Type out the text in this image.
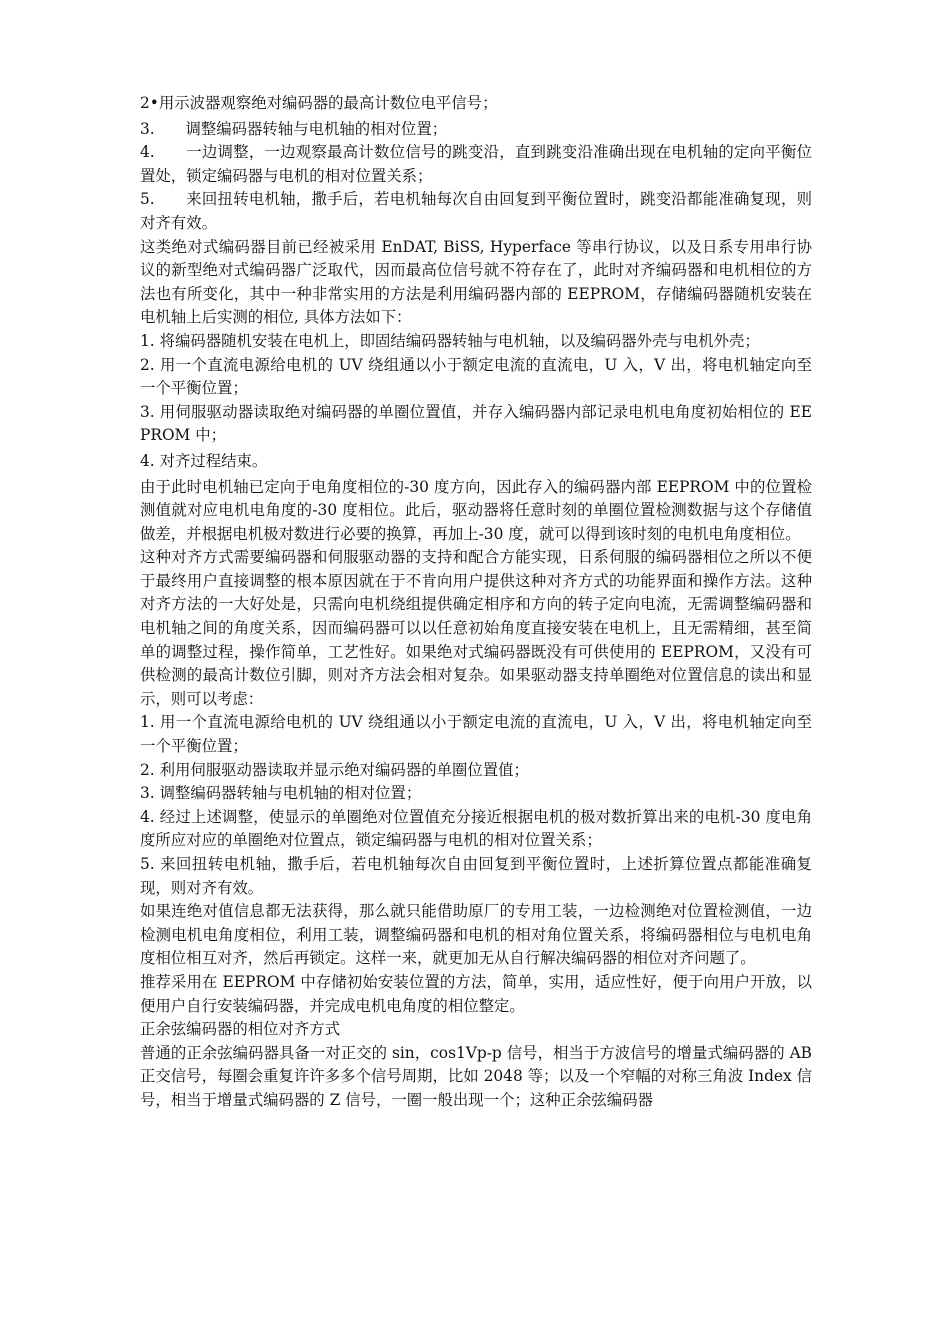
2•用示波器观察绝对编码器的最高计数位电平信号；

3.　　调整编码器转轴与电机轴的相对位置；

4.　　一边调整，一边观察最高计数位信号的跳变沿，直到跳变沿准确出现在电机轴的定向平衡位置处，锁定编码器与电机的相对位置关系；

5.　　来回扭转电机轴，撒手后，若电机轴每次自由回复到平衡位置时，跳变沿都能准确复现，则对齐有效。

这类绝对式编码器目前已经被采用 EnDAT, BiSS, Hyperface 等串行协议，以及日系专用串行协议的新型绝对式编码器广泛取代，因而最高位信号就不符存在了，此时对齐编码器和电机相位的方法也有所变化，其中一种非常实用的方法是利用编码器内部的 EEPROM，存储编码器随机安装在电机轴上后实测的相位, 具体方法如下：

1. 将编码器随机安装在电机上，即固结编码器转轴与电机轴，以及编码器外壳与电机外壳；

2. 用一个直流电源给电机的 UV 绕组通以小于额定电流的直流电，U 入，V 出，将电机轴定向至一个平衡位置；

3. 用伺服驱动器读取绝对编码器的单圈位置值，并存入编码器内部记录电机电角度初始相位的 EEPROM 中；

4. 对齐过程结束。

由于此时电机轴已定向于电角度相位的-30 度方向，因此存入的编码器内部 EEPROM 中的位置检测值就对应电机电角度的-30 度相位。此后，驱动器将任意时刻的单圈位置检测数据与这个存储值做差，并根据电机极对数进行必要的换算，再加上-30 度，就可以得到该时刻的电机电角度相位。

这种对齐方式需要编码器和伺服驱动器的支持和配合方能实现，日系伺服的编码器相位之所以不便于最终用户直接调整的根本原因就在于不肯向用户提供这种对齐方式的功能界面和操作方法。这种对齐方法的一大好处是，只需向电机绕组提供确定相序和方向的转子定向电流，无需调整编码器和电机轴之间的角度关系，因而编码器可以以任意初始角度直接安装在电机上，且无需精细，甚至简单的调整过程，操作简单，工艺性好。如果绝对式编码器既没有可供使用的 EEPROM，又没有可供检测的最高计数位引脚，则对齐方法会相对复杂。如果驱动器支持单圈绝对位置信息的读出和显示，则可以考虑：

1. 用一个直流电源给电机的 UV 绕组通以小于额定电流的直流电，U 入，V 出，将电机轴定向至一个平衡位置；

2. 利用伺服驱动器读取并显示绝对编码器的单圈位置值；

3. 调整编码器转轴与电机轴的相对位置；

4. 经过上述调整，使显示的单圈绝对位置值充分接近根据电机的极对数折算出来的电机-30 度电角度所应对应的单圈绝对位置点，锁定编码器与电机的相对位置关系；

5. 来回扭转电机轴，撒手后，若电机轴每次自由回复到平衡位置时，上述折算位置点都能准确复现，则对齐有效。

如果连绝对值信息都无法获得，那么就只能借助原厂的专用工装，一边检测绝对位置检测值，一边检测电机电角度相位，利用工装，调整编码器和电机的相对角位置关系，将编码器相位与电机电角度相位相互对齐，然后再锁定。这样一来，就更加无从自行解决编码器的相位对齐问题了。

推荐采用在 EEPROM 中存储初始安装位置的方法，简单，实用，适应性好，便于向用户开放，以便用户自行安装编码器，并完成电机电角度的相位整定。

正余弦编码器的相位对齐方式

普通的正余弦编码器具备一对正交的 sin，cos1Vp-p 信号，相当于方波信号的增量式编码器的 AB 正交信号，每圈会重复许许多多个信号周期，比如 2048 等；以及一个窄幅的对称三角波 Index 信号，相当于增量式编码器的 Z 信号，一圈一般出现一个；这种正余弦编码器
